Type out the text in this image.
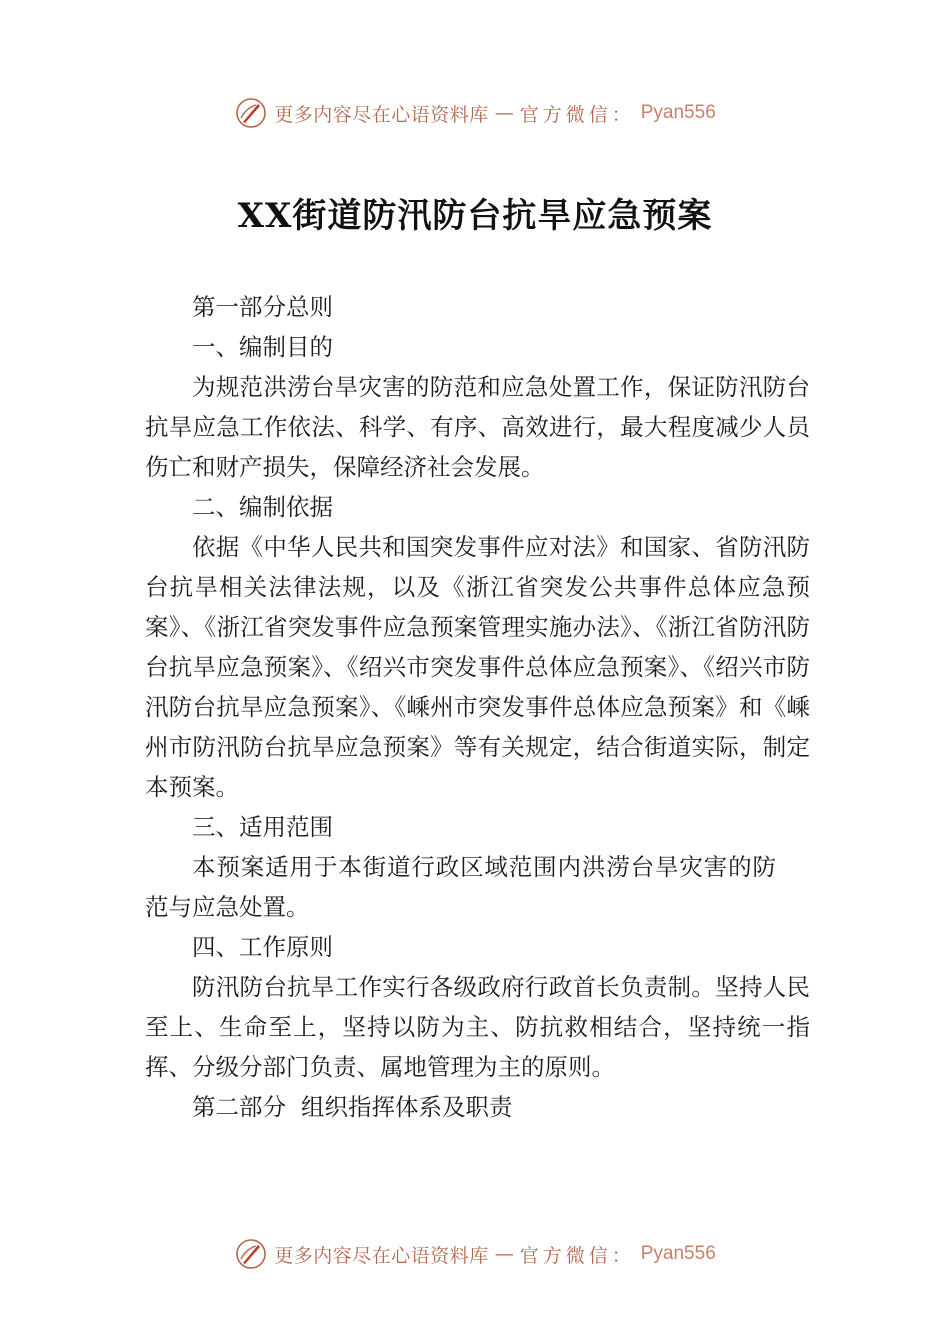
更多内容尽在心语资料库 — 官方微信： Pyan556
XX街道防汛防台抗旱应急预案

第一部分总则

一、编制目的

为规范洪涝台旱灾害的防范和应急处置工作，保证防汛防台抗旱应急工作依法、科学、有序、高效进行，最大程度减少人员伤亡和财产损失，保障经济社会发展。

二、编制依据

依据《中华人民共和国突发事件应对法》和国家、省防汛防台抗旱相关法律法规，以及《浙江省突发公共事件总体应急预案》、《浙江省突发事件应急预案管理实施办法》、《浙江省防汛防台抗旱应急预案》、《绍兴市突发事件总体应急预案》、《绍兴市防汛防台抗旱应急预案》、《嵊州市突发事件总体应急预案》和《嵊州市防汛防台抗旱应急预案》等有关规定，结合街道实际，制定本预案。

三、适用范围

本预案适用于本街道行政区域范围内洪涝台旱灾害的防范与应急处置。

四、工作原则

防汛防台抗旱工作实行各级政府行政首长负责制。坚持人民至上、生命至上，坚持以防为主、防抗救相结合，坚持统一指挥、分级分部门负责、属地管理为主的原则。

第二部分  组织指挥体系及职责

更多内容尽在心语资料库 — 官方微信： Pyan556
